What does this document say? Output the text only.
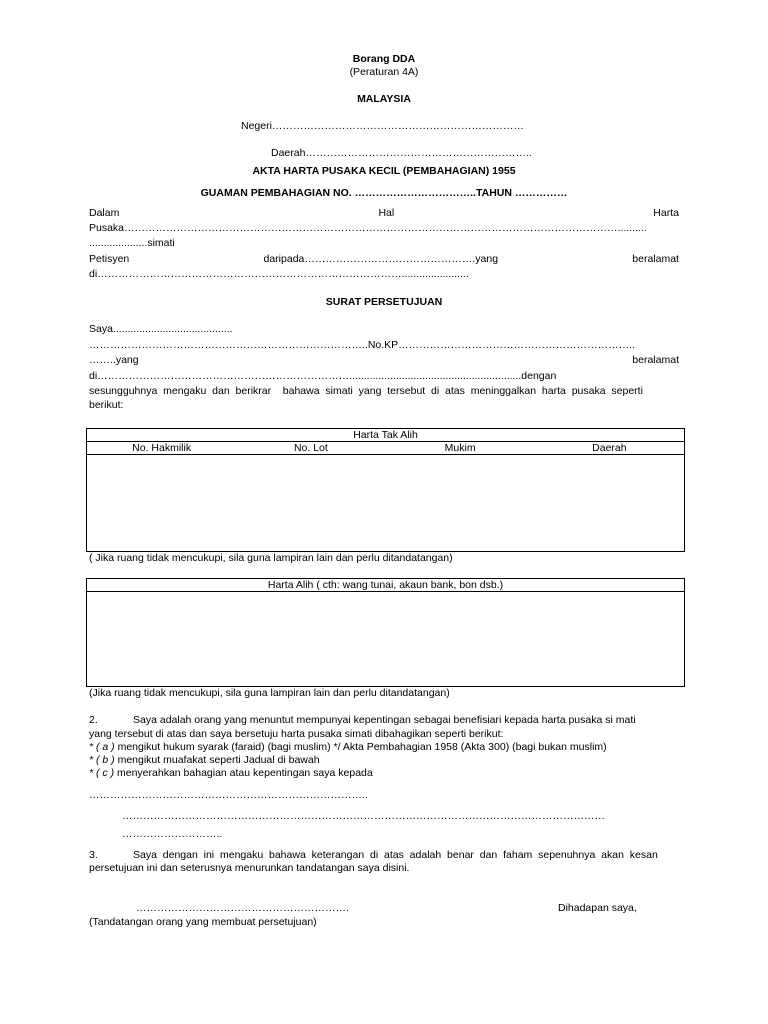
Borang DDA
(Peraturan 4A)
MALAYSIA
Negeri………………………………………………………………
Daerah………………………………………………………..
AKTA HARTA PUSAKA KECIL (PEMBAHAGIAN) 1955
GUAMAN PEMBAHAGIAN NO. ……………………………..TAHUN ……………
Dalam	Hal	Harta
Pusaka……………………………………………………………………………………………………………………………..........
....................simati
Petisyen	daripada………………………………………….yang	beralamat
di…………………………………………………………………………….......................
SURAT PERSETUJUAN
Saya.........................................
……………………………………………………………………..No.KP…………………………………………………………..
……..yang	beralamat
di………………………………………………………………...........................................................dengan
sesungguhnya  mengaku  dan  berikrar    bahawa  simati  yang  tersebut  di  atas  meninggalkan  harta  pusaka  seperti
berikut:
Harta Tak Alih
No. Hakmilik	No. Lot	Mukim	Daerah
( Jika ruang tidak mencukupi, sila guna lampiran lain dan perlu ditandatangan)
Harta Alih ( cth: wang tunai, akaun bank, bon dsb.)
(Jika ruang tidak mencukupi, sila guna lampiran lain dan perlu ditandatangan)
2.	Saya adalah orang yang menuntut mempunyai kepentingan sebagai benefisiari kepada harta pusaka si mati
yang tersebut di atas dan saya bersetuju harta pusaka simati dibahagikan seperti berikut:
* ( a ) mengikut hukum syarak (faraid) (bagi muslim) */ Akta Pembahagian 1958 (Akta 300) (bagi bukan muslim)
* ( b ) mengikut muafakat seperti Jadual di bawah
* ( c ) menyerahkan bahagian atau kepentingan saya kepada
……………………………………………………………………..
…………………………………………………………………………………………………………………………
………………………..
3.	Saya  dengan  ini  mengaku  bahawa  keterangan  di  atas  adalah  benar  dan  faham  sepenuhnya  akan  kesan
persetujuan ini dan seterusnya menurunkan tandatangan saya disini.
…………………………………………………….	Dihadapan saya,
(Tandatangan orang yang membuat persetujuan)
